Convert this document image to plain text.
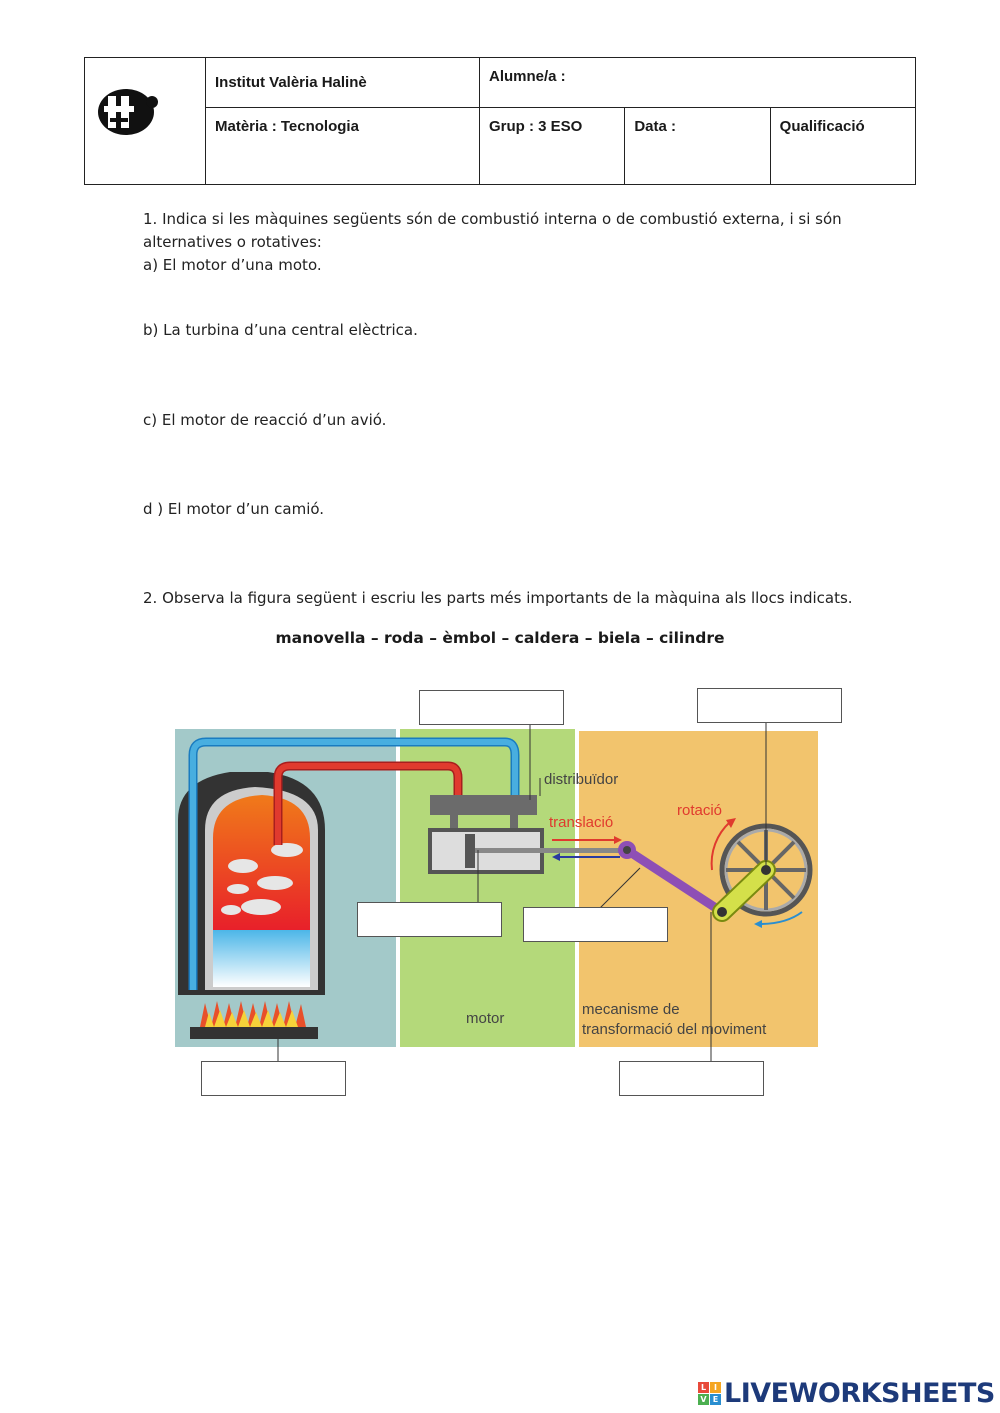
	Institut Valèria Halinè	Alumne/a :		
	Matèria : Tecnologia	Grup : 3 ESO	Data :	Qualificació
1. Indica si les màquines següents són de combustió interna o de combustió externa, i si són
alternatives o rotatives:
a) El motor d’una moto.
b) La turbina d’una central elèctrica.
c) El motor de reacció d’un avió.
d ) El motor d’un camió.
2. Observa la figura següent i escriu les parts més importants de la màquina als llocs indicats.
manovella – roda – èmbol – caldera – biela – cilindre
distribuïdor
translació
rotació
motor
mecanisme de
transformació del moviment
L I
V E LIVEWORKSHEETS
